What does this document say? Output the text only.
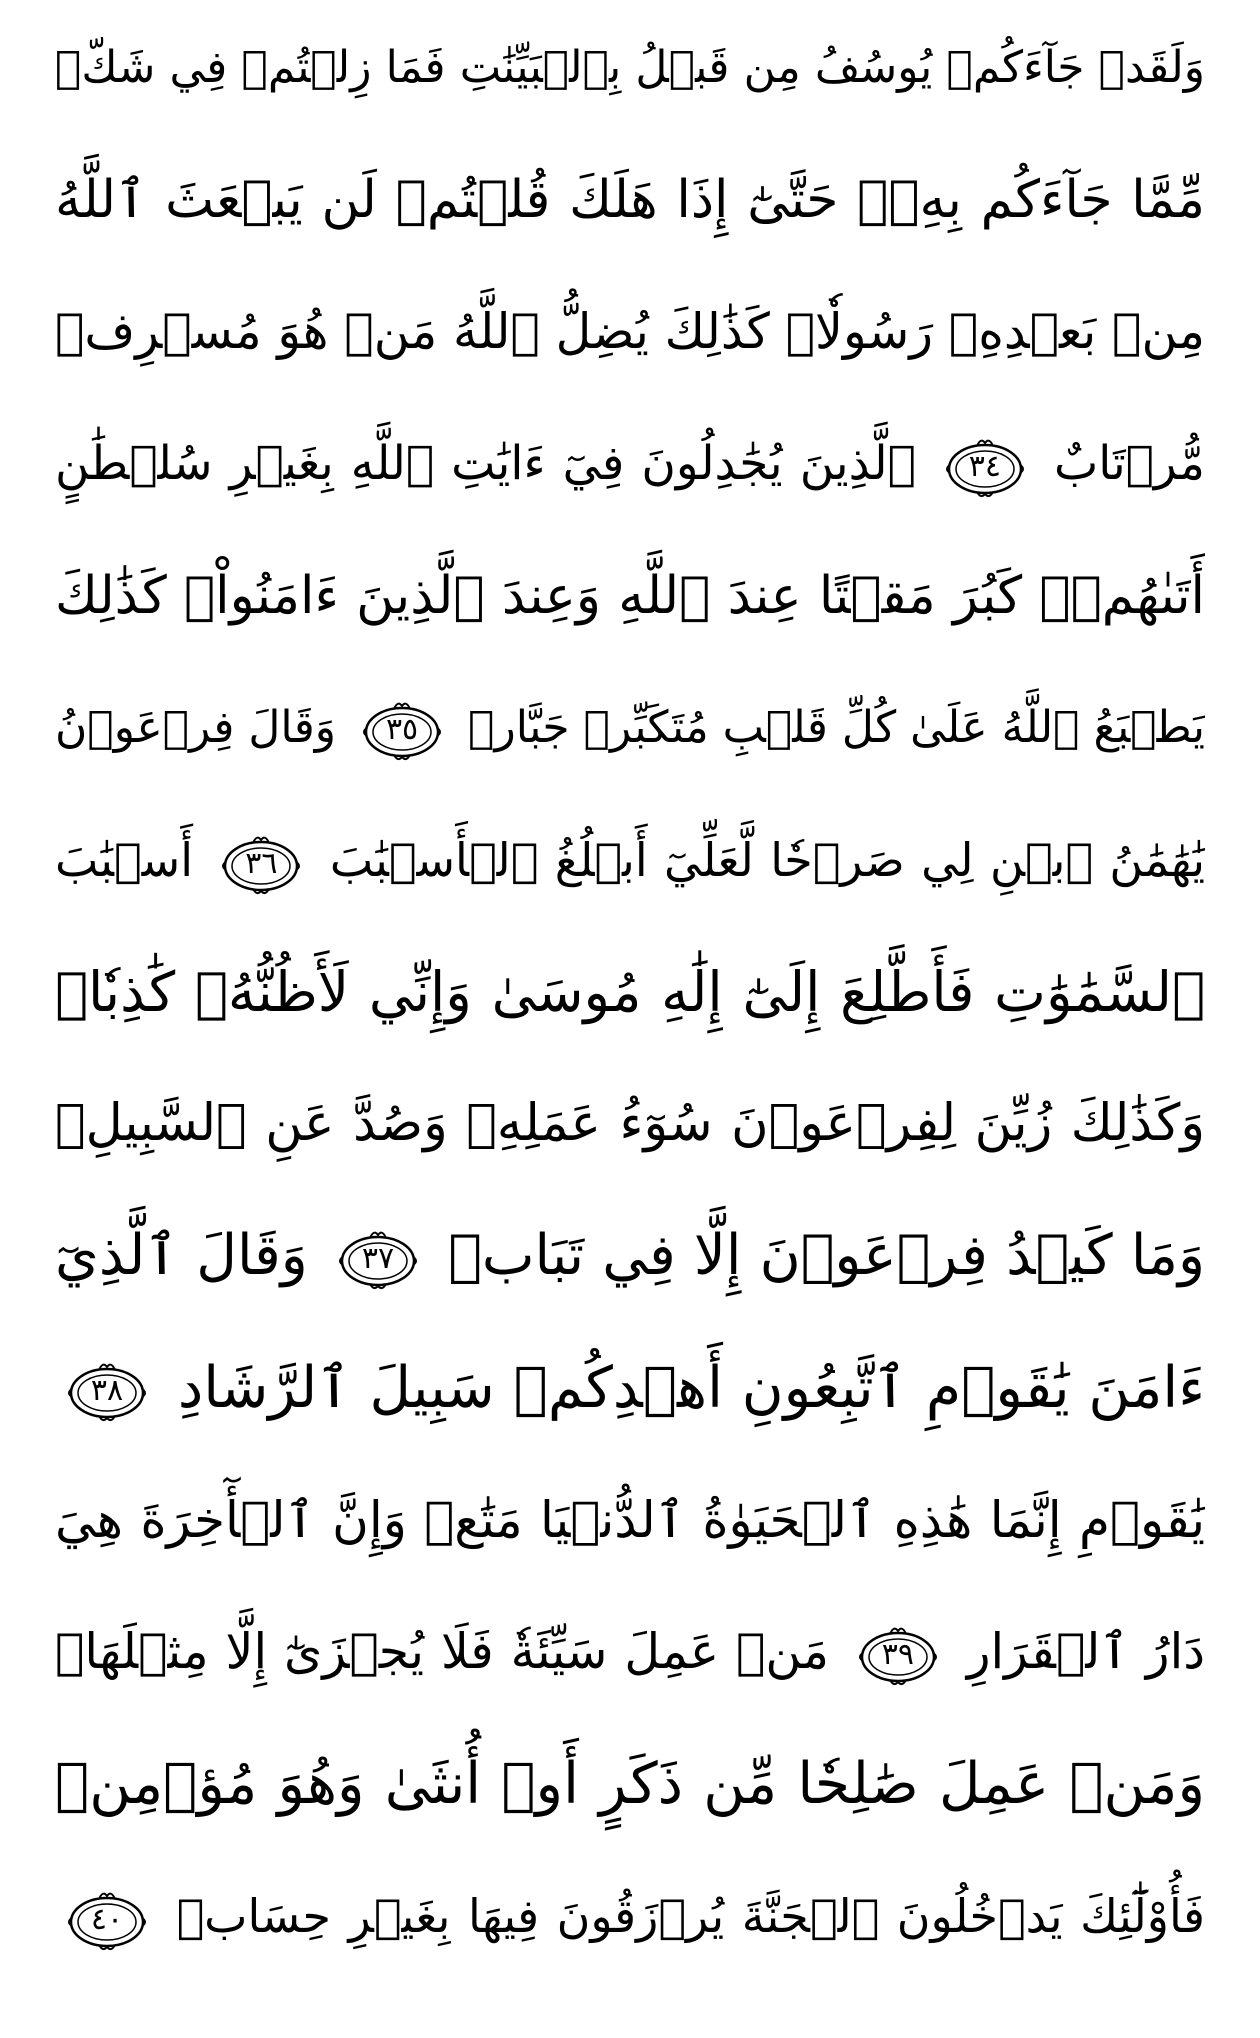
وَلَقَدۡ جَآءَكُمۡ يُوسُفُ مِن قَبۡلُ بِٱلۡبَيِّنَٰتِ فَمَا زِلۡتُمۡ فِي شَكّٖ
مِّمَّا جَآءَكُم بِهِۦۖ حَتَّىٰٓ إِذَا هَلَكَ قُلۡتُمۡ لَن يَبۡعَثَ ٱللَّهُ
مِنۢ بَعۡدِهِۦ رَسُولٗاۚ كَذَٰلِكَ يُضِلُّ ٱللَّهُ مَنۡ هُوَ مُسۡرِفٞ
مُّرۡتَابٌ
٣٤
ٱلَّذِينَ يُجَٰدِلُونَ فِيٓ ءَايَٰتِ ٱللَّهِ بِغَيۡرِ سُلۡطَٰنٍ
أَتَىٰهُمۡۖ كَبُرَ مَقۡتًا عِندَ ٱللَّهِ وَعِندَ ٱلَّذِينَ ءَامَنُواْۚ كَذَٰلِكَ
يَطۡبَعُ ٱللَّهُ عَلَىٰ كُلِّ قَلۡبِ مُتَكَبِّرٖ جَبَّارٖ
٣٥
وَقَالَ فِرۡعَوۡنُ
يَٰهَٰمَٰنُ ٱبۡنِ لِي صَرۡحٗا لَّعَلِّيٓ أَبۡلُغُ ٱلۡأَسۡبَٰبَ
٣٦
أَسۡبَٰبَ
ٱلسَّمَٰوَٰتِ فَأَطَّلِعَ إِلَىٰٓ إِلَٰهِ مُوسَىٰ وَإِنِّي لَأَظُنُّهُۥ كَٰذِبٗاۚ
وَكَذَٰلِكَ زُيِّنَ لِفِرۡعَوۡنَ سُوٓءُ عَمَلِهِۦ وَصُدَّ عَنِ ٱلسَّبِيلِۚ
وَمَا كَيۡدُ فِرۡعَوۡنَ إِلَّا فِي تَبَابٖ
٣٧
وَقَالَ ٱلَّذِيٓ
ءَامَنَ يَٰقَوۡمِ ٱتَّبِعُونِ أَهۡدِكُمۡ سَبِيلَ ٱلرَّشَادِ
٣٨
يَٰقَوۡمِ إِنَّمَا هَٰذِهِ ٱلۡحَيَوٰةُ ٱلدُّنۡيَا مَتَٰعٞ وَإِنَّ ٱلۡأٓخِرَةَ هِيَ
دَارُ ٱلۡقَرَارِ
٣٩
مَنۡ عَمِلَ سَيِّئَةٗ فَلَا يُجۡزَىٰٓ إِلَّا مِثۡلَهَاۖ
وَمَنۡ عَمِلَ صَٰلِحٗا مِّن ذَكَرٍ أَوۡ أُنثَىٰ وَهُوَ مُؤۡمِنٞ
فَأُوْلَٰٓئِكَ يَدۡخُلُونَ ٱلۡجَنَّةَ يُرۡزَقُونَ فِيهَا بِغَيۡرِ حِسَابٖ
٤٠
